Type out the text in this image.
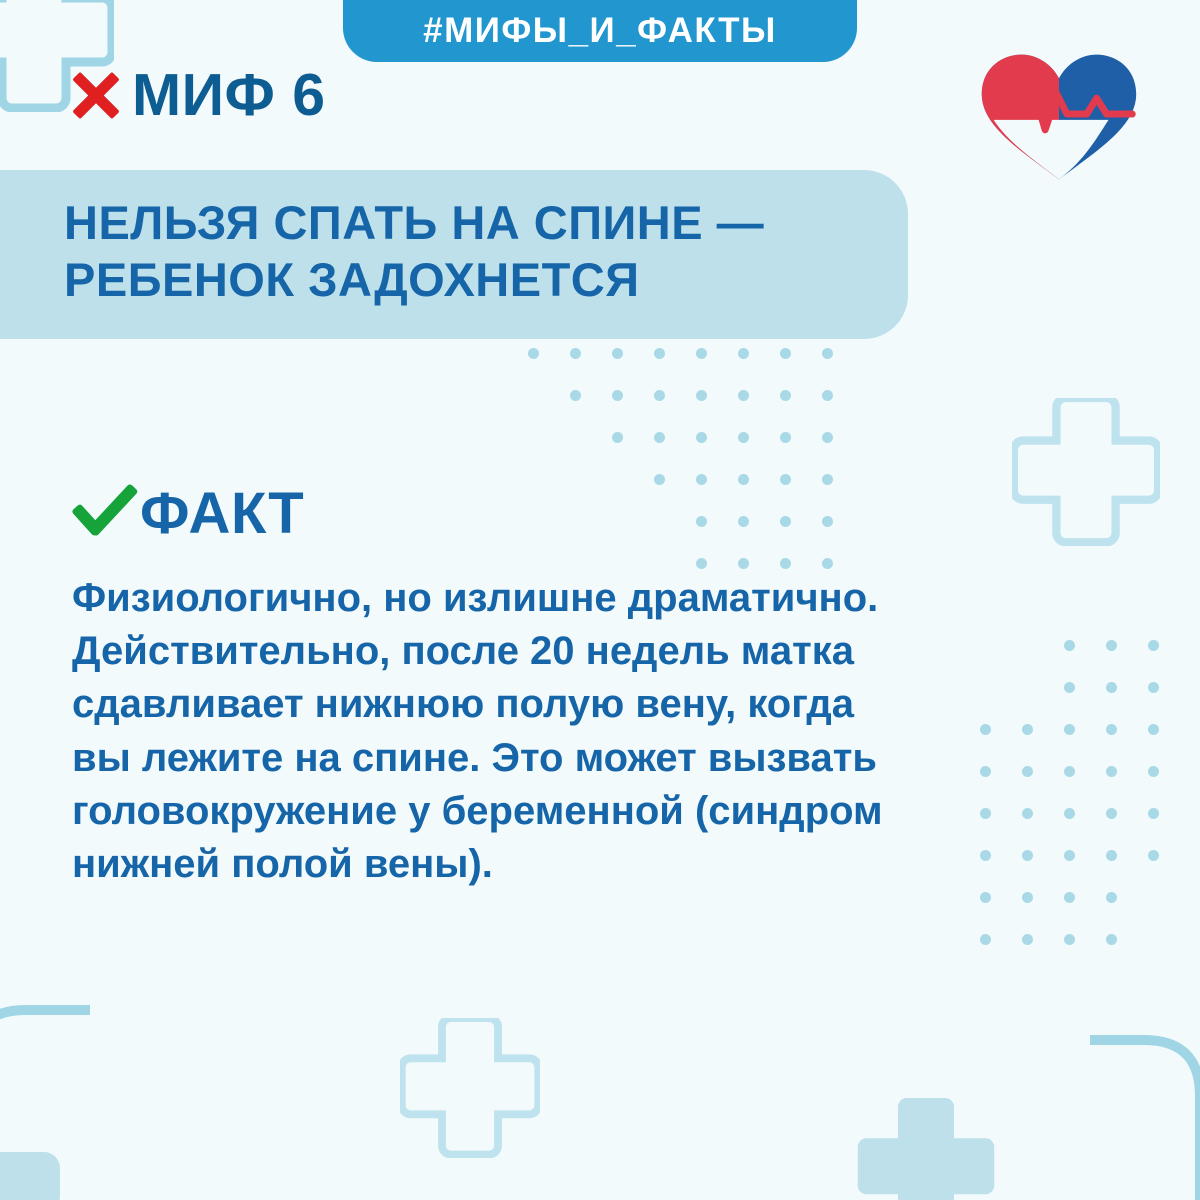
#МИФЫ_И_ФАКТЫ
МИФ 6

НЕЛЬЗЯ СПАТЬ НА СПИНЕ — РЕБЕНОК ЗАДОХНЕТСЯ

ФАКТ

Физиологично, но излишне драматично. Действительно, после 20 недель матка сдавливает нижнюю полую вену, когда вы лежите на спине. Это может вызвать головокружение у беременной (синдром нижней полой вены).
